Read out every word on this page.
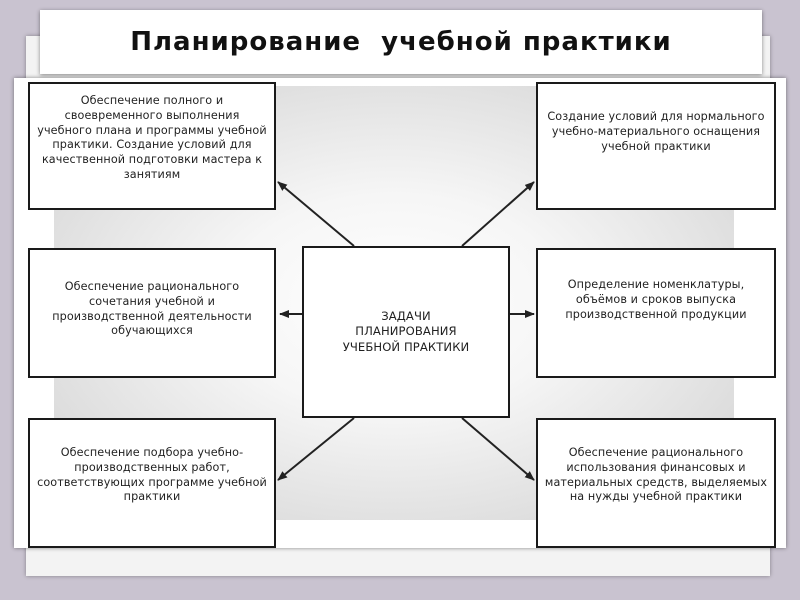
Планирование  учебной практики
Обеспечение полного и своевременного выполнения учебного плана и программы учебной практики. Создание условий для качественной подготовки мастера к занятиям
Создание условий для нормального учебно-материального оснащения учебной практики
Обеспечение рационального сочетания учебной и производственной деятельности обучающихся
Определение номенклатуры, объёмов и сроков выпуска производственной продукции
Обеспечение подбора учебно-производственных работ, соответствующих программе учебной практики
Обеспечение рационального использования финансовых и материальных средств, выделяемых на нужды учебной практики
ЗАДАЧИ
ПЛАНИРОВАНИЯ
УЧЕБНОЙ ПРАКТИКИ
